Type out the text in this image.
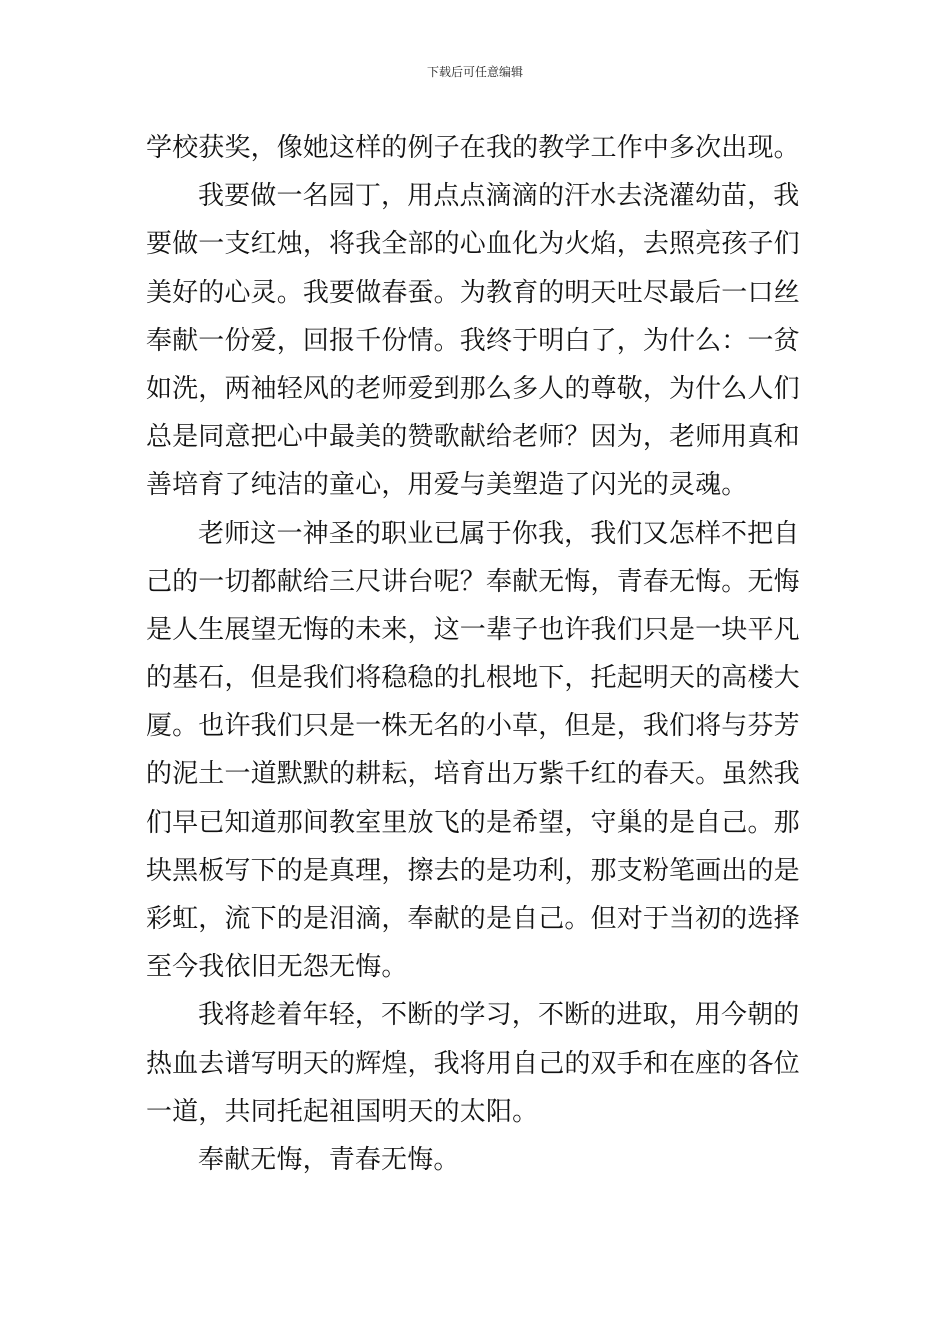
下载后可任意编辑
学校获奖，像她这样的例子在我的教学工作中多次出现。
我要做一名园丁，用点点滴滴的汗水去浇灌幼苗，我
要做一支红烛，将我全部的心血化为火焰，去照亮孩子们
美好的心灵。我要做春蚕。为教育的明天吐尽最后一口丝
奉献一份爱，回报千份情。我终于明白了，为什么：一贫
如洗，两袖轻风的老师爱到那么多人的尊敬，为什么人们
总是同意把心中最美的赞歌献给老师？因为，老师用真和
善培育了纯洁的童心，用爱与美塑造了闪光的灵魂。
老师这一神圣的职业已属于你我，我们又怎样不把自
己的一切都献给三尺讲台呢？奉献无悔，青春无悔。无悔
是人生展望无悔的未来，这一辈子也许我们只是一块平凡
的基石，但是我们将稳稳的扎根地下，托起明天的高楼大
厦。也许我们只是一株无名的小草，但是，我们将与芬芳
的泥土一道默默的耕耘，培育出万紫千红的春天。虽然我
们早已知道那间教室里放飞的是希望，守巢的是自己。那
块黑板写下的是真理，擦去的是功利，那支粉笔画出的是
彩虹，流下的是泪滴，奉献的是自己。但对于当初的选择
至今我依旧无怨无悔。
我将趁着年轻，不断的学习，不断的进取，用今朝的
热血去谱写明天的辉煌，我将用自己的双手和在座的各位
一道，共同托起祖国明天的太阳。
奉献无悔，青春无悔。
